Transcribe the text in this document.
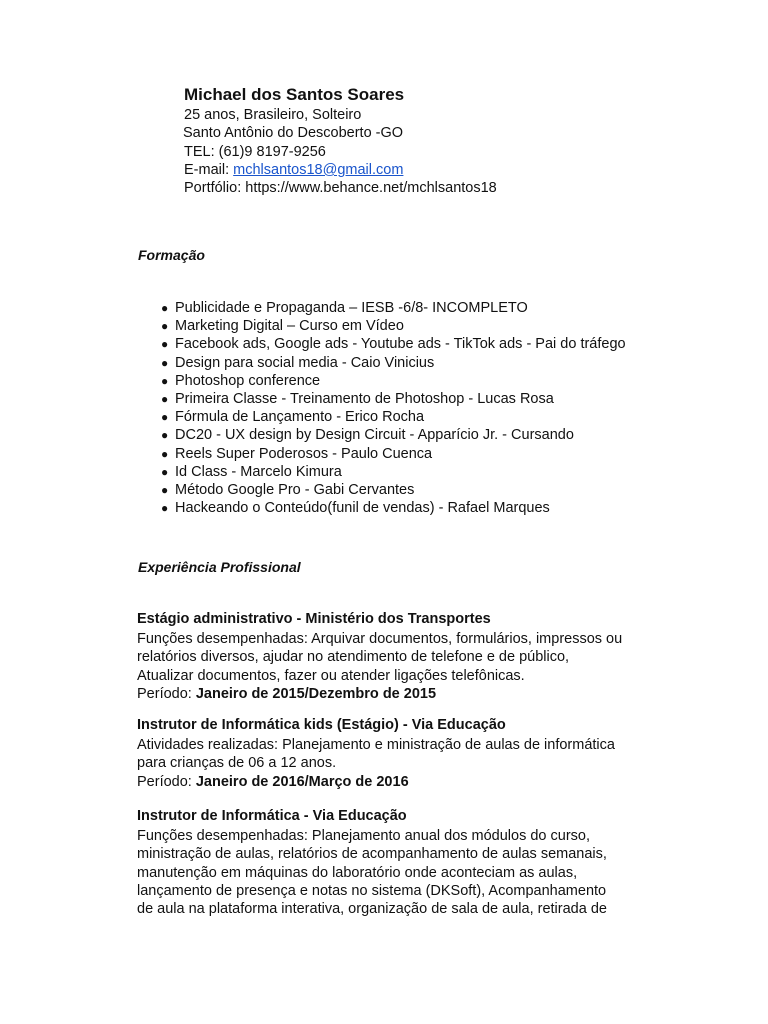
Michael dos Santos Soares
25 anos, Brasileiro, Solteiro
Santo Antônio do Descoberto -GO
TEL: (61)9 8197-9256
E-mail: mchlsantos18@gmail.com
Portfólio: https://www.behance.net/mchlsantos18
Formação
● Publicidade e Propaganda – IESB -6/8- INCOMPLETO
● Marketing Digital – Curso em Vídeo
● Facebook ads, Google ads - Youtube ads - TikTok ads - Pai do tráfego
● Design para social media - Caio Vinicius
● Photoshop conference
● Primeira Classe - Treinamento de Photoshop - Lucas Rosa
● Fórmula de Lançamento - Erico Rocha
● DC20 - UX design by Design Circuit - Apparício Jr. - Cursando
● Reels Super Poderosos - Paulo Cuenca
● Id Class - Marcelo Kimura
● Método Google Pro - Gabi Cervantes
● Hackeando o Conteúdo(funil de vendas) - Rafael Marques
Experiência Profissional
Estágio administrativo - Ministério dos Transportes
Funções desempenhadas: Arquivar documentos, formulários, impressos ou
relatórios diversos, ajudar no atendimento de telefone e de público,
Atualizar documentos, fazer ou atender ligações telefônicas.
Período: Janeiro de 2015/Dezembro de 2015
Instrutor de Informática kids (Estágio) - Via Educação
Atividades realizadas: Planejamento e ministração de aulas de informática
para crianças de 06 a 12 anos.
Período: Janeiro de 2016/Março de 2016
Instrutor de Informática - Via Educação
Funções desempenhadas: Planejamento anual dos módulos do curso,
ministração de aulas, relatórios de acompanhamento de aulas semanais,
manutenção em máquinas do laboratório onde aconteciam as aulas,
lançamento de presença e notas no sistema (DKSoft), Acompanhamento
de aula na plataforma interativa, organização de sala de aula, retirada de
